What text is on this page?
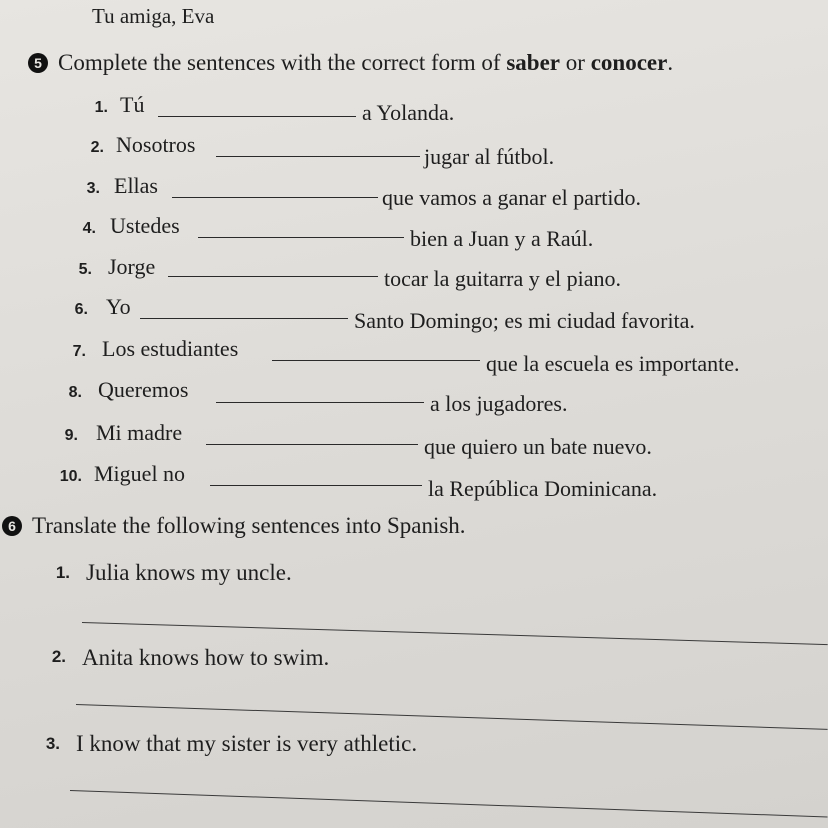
Tu amiga, Eva
5 Complete the sentences with the correct form of saber or conocer.
1. Tú	a Yolanda.
2. Nosotros	jugar al fútbol.
3. Ellas	que vamos a ganar el partido.
4. Ustedes
bien a Juan y a Raúl.
5. Jorge	tocar la guitarra y el piano.
6. Yo
Santo Domingo; es mi ciudad favorita.
7. Los estudiantes
que la escuela es importante.
8. Queremos
a los jugadores.
9. Mi madre
que quiero un bate nuevo.
10. Miguel no
la República Dominicana.
6 Translate the following sentences into Spanish.
1. Julia knows my uncle.
2. Anita knows how to swim.
3. I know that my sister is very athletic.
